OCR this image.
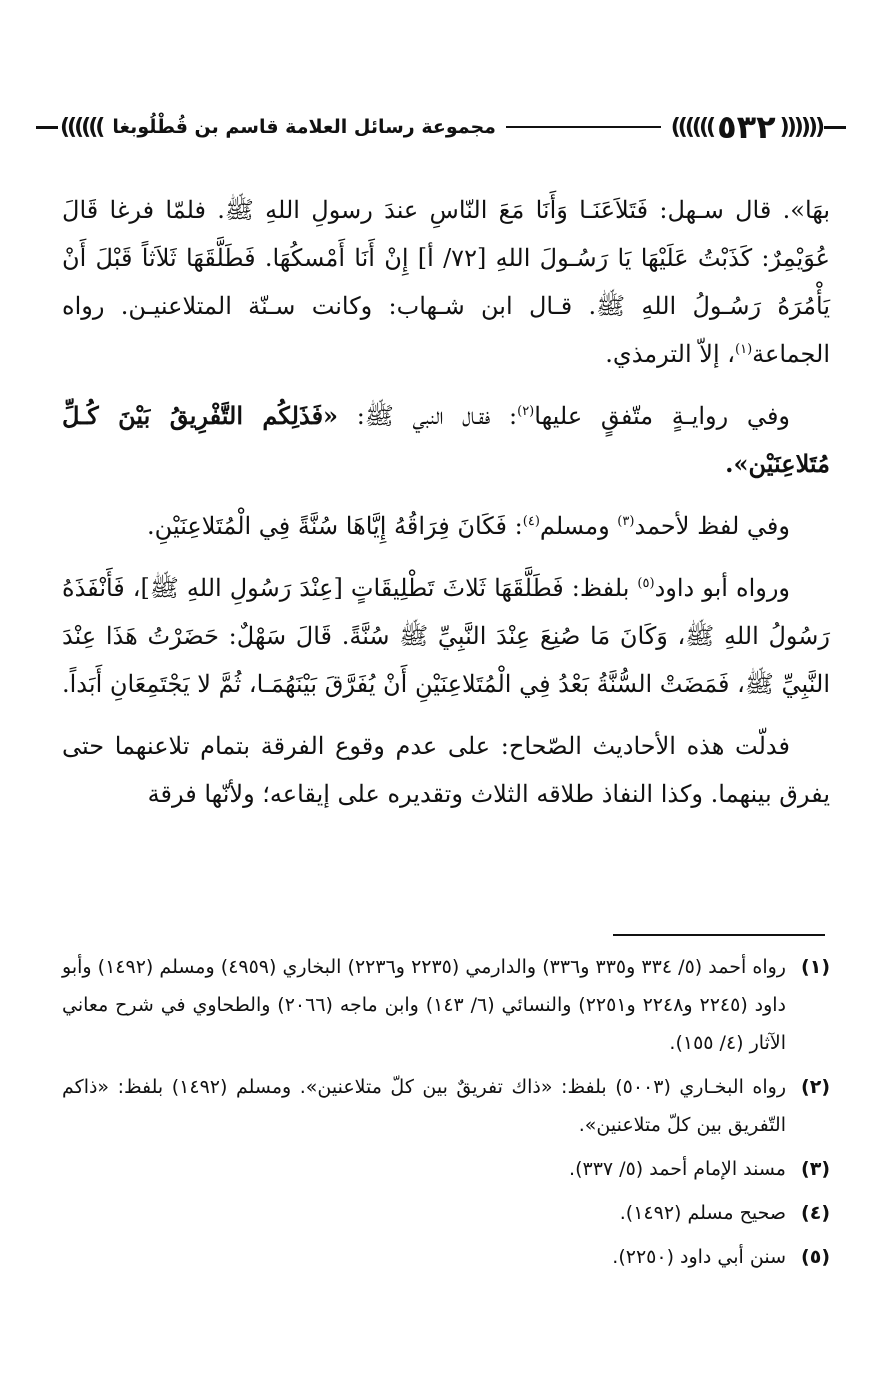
((((((
٥٣٢
))))))
مجموعة رسائل العلامة قاسم بن قُطْلُوبغا
))))))

بهَا». قال سـهل: فَتَلاَعَنَـا وَأَنَا مَعَ النّاسِ عندَ رسولِ اللهِ ﷺ. فلمّا فرغا قَالَ عُوَيْمِرٌ: كَذَبْتُ عَلَيْهَا يَا رَسُـولَ اللهِ [٧٢/ أ] إِنْ أَنَا أَمْسكُهَا. فَطَلَّقَهَا ثَلاَثاً قَبْلَ أَنْ يَأْمُرَهُ رَسُـولُ اللهِ ﷺ. قـال ابن شـهاب: وكانت سـنّة المتلاعنيـن. رواه الجماعة$^{(١)}$، إلاّ الترمذي.

وفي روايـةٍ متّفقٍ عليها$^{(٢)}$: فقـال النبي ﷺ: «فَذَلِكُم التَّفْرِيقُ بَيْنَ كُـلِّ مُتَلاعِنَيْن».

وفي لفظ لأحمد$^{(٣)}$ ومسلم$^{(٤)}$: فَكَانَ فِرَاقُهُ إِيَّاهَا سُنَّةً فِي الْمُتَلاعِنَيْنِ.

ورواه أبو داود$^{(٥)}$ بلفظ: فَطَلَّقَهَا ثَلاثَ تَطْلِيقَاتٍ [عِنْدَ رَسُولِ اللهِ ﷺ]، فَأَنْفَذَهُ رَسُولُ اللهِ ﷺ، وَكَانَ مَا صُنِعَ عِنْدَ النَّبِيِّ ﷺ سُنَّةً. قَالَ سَهْلٌ: حَضَرْتُ هَذَا عِنْدَ النَّبِيِّ ﷺ، فَمَضَتْ السُّنَّةُ بَعْدُ فِي الْمُتَلاعِنَيْنِ أَنْ يُفَرَّقَ بَيْنَهُمَـا، ثُمَّ لا يَجْتَمِعَانِ أَبَداً.

فدلّت هذه الأحاديث الصّحاح: على عدم وقوع الفرقة بتمام تلاعنهما حتى يفرق بينهما. وكذا النفاذ طلاقه الثلاث وتقديره على إيقاعه؛ ولأنّها فرقة

(١)
رواه أحمد (٥/ ٣٣٤ و٣٣٥ و٣٣٦) والدارمي (٢٢٣٥ و٢٢٣٦) البخاري (٤٩٥٩) ومسلم (١٤٩٢) وأبو داود (٢٢٤٥ و٢٢٤٨ و٢٢٥١) والنسائي (٦/ ١٤٣) وابن ماجه (٢٠٦٦) والطحاوي في شرح معاني الآثار (٤/ ١٥٥).
(٢)
رواه البخـاري (٥٠٠٣) بلفظ: «ذاك تفريقٌ بين كلّ متلاعنين». ومسلم (١٤٩٢) بلفظ: «ذاكم التّفريق بين كلّ متلاعنين».
(٣)
مسند الإمام أحمد (٥/ ٣٣٧).
(٤)
صحيح مسلم (١٤٩٢).
(٥)
سنن أبي داود (٢٢٥٠).
